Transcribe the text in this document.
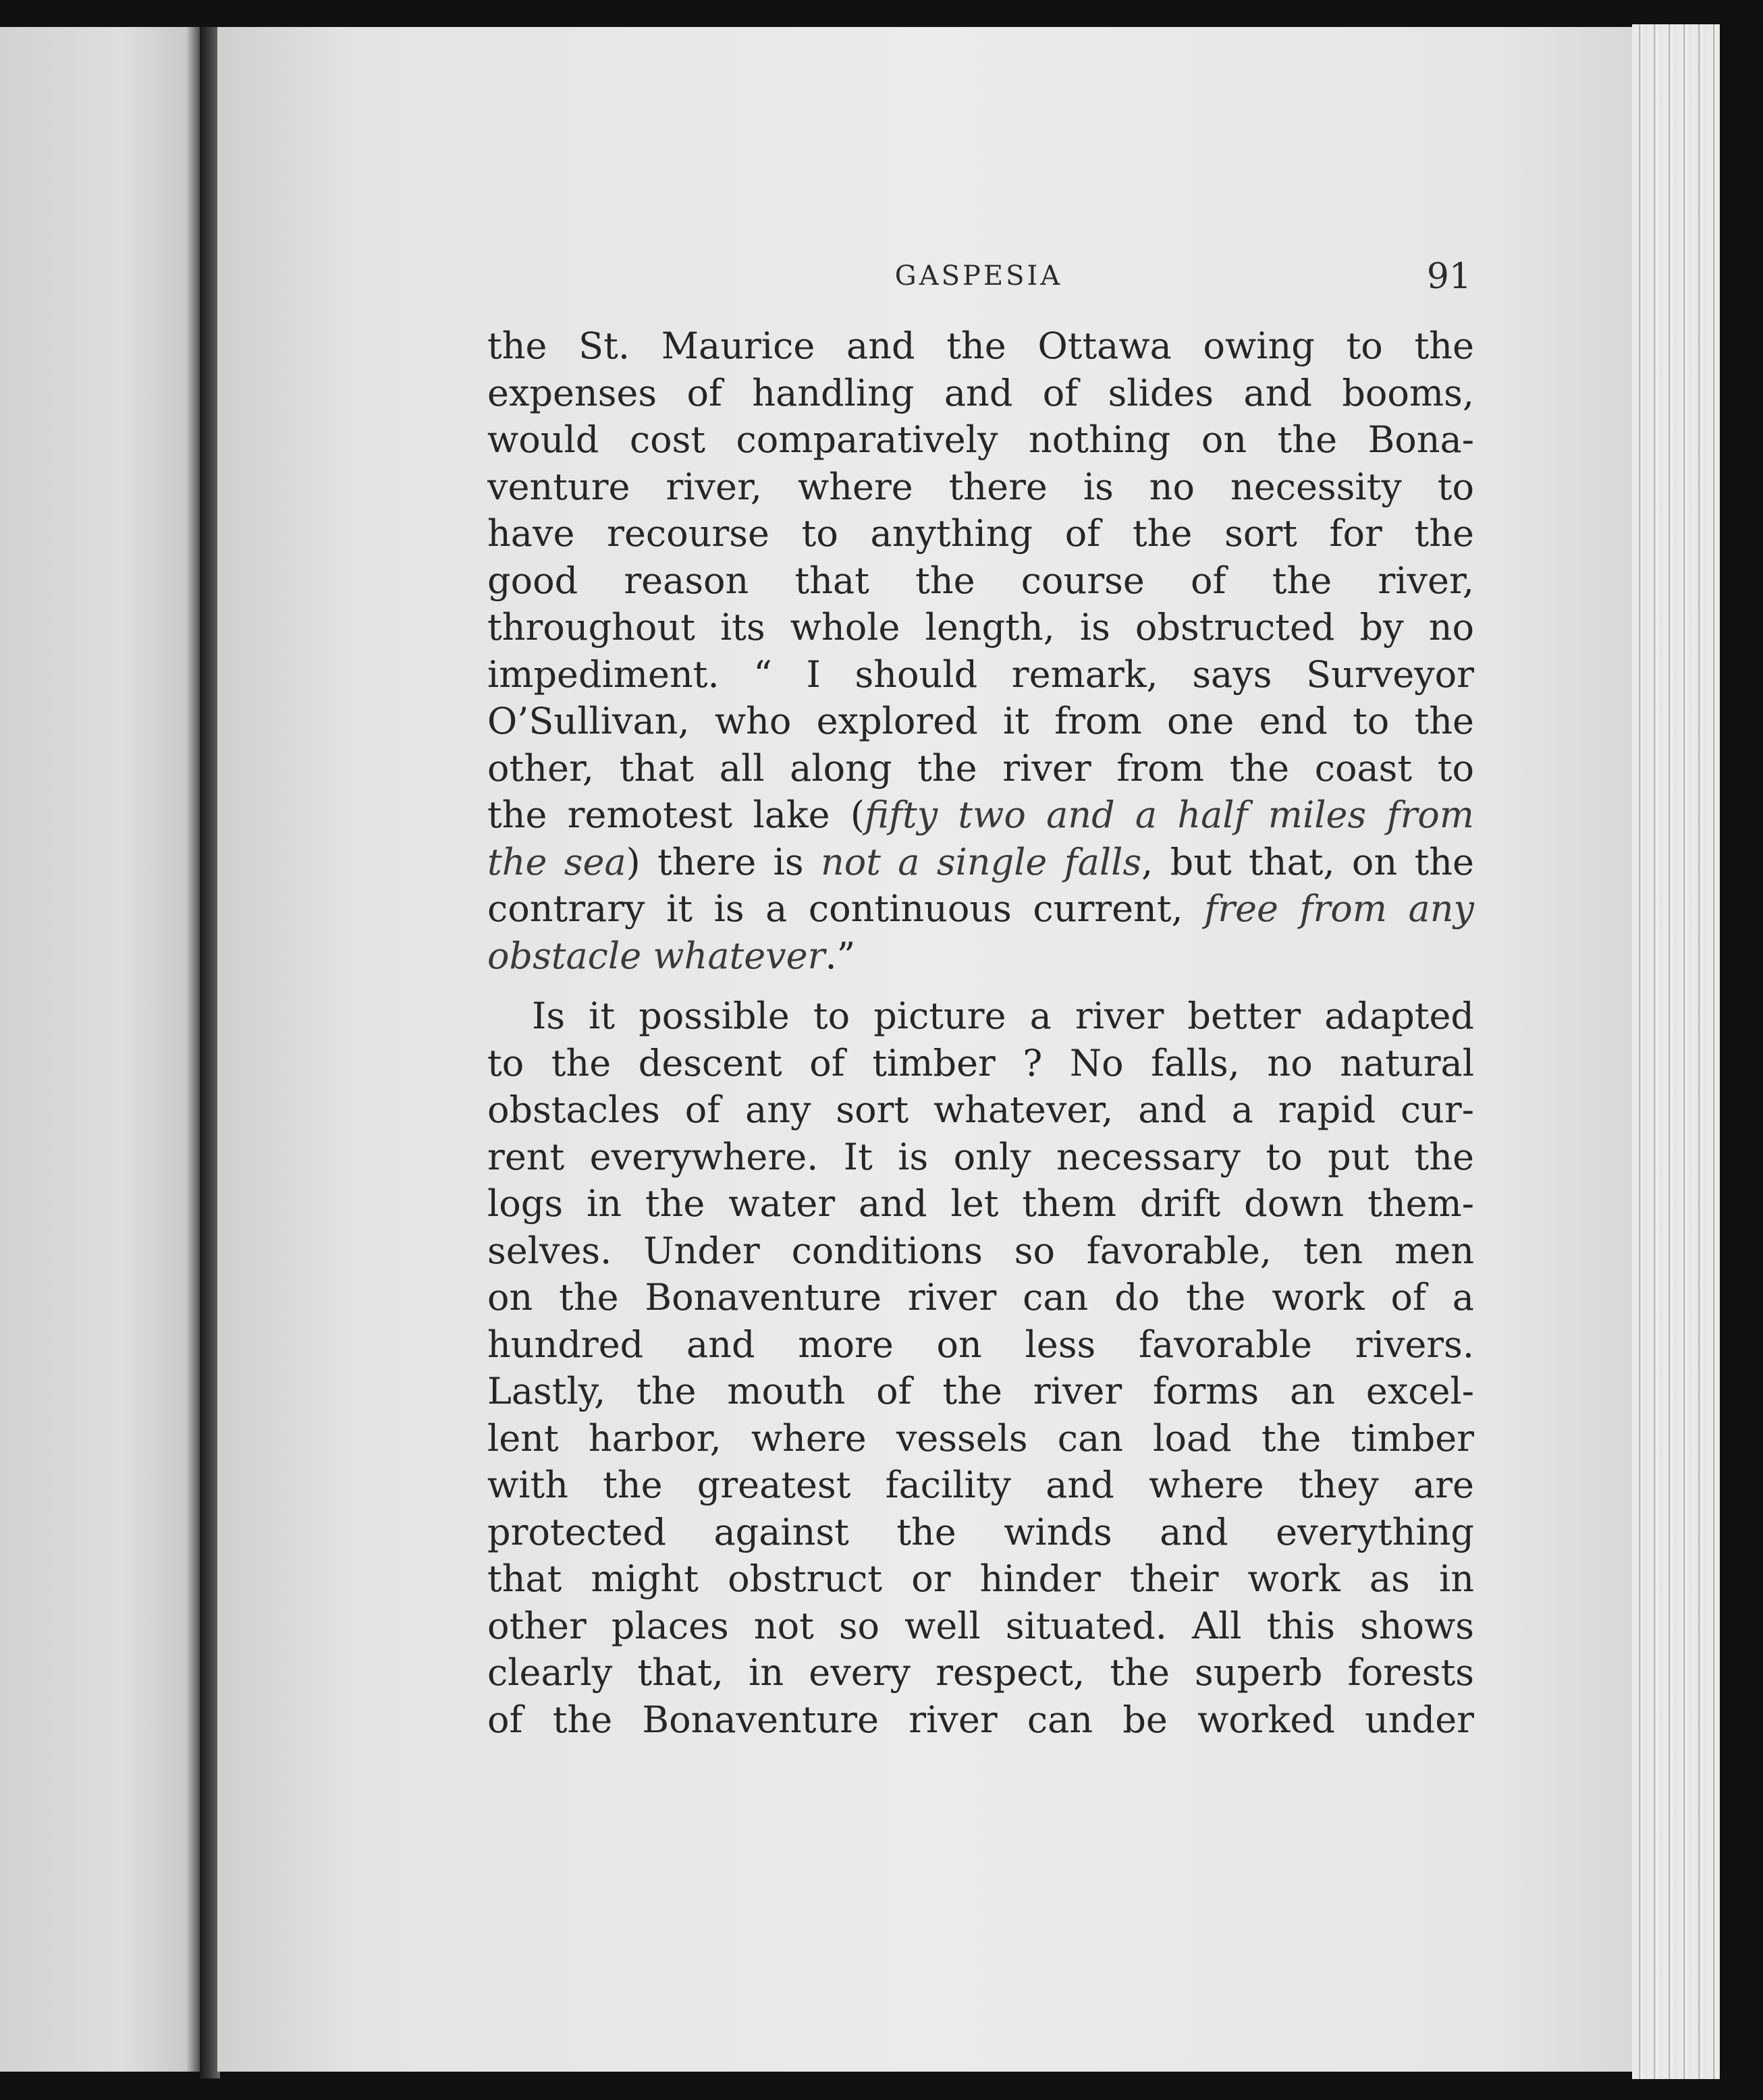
GASPESIA	91
the St. Maurice and the Ottawa owing to the
expenses of handling and of slides and booms,
would cost comparatively nothing on the Bona-
venture river, where there is no necessity to
have recourse to anything of the sort for the
good reason that the course of the river,
throughout its whole length, is obstructed by no
impediment. “ I should remark, says Surveyor
O’Sullivan, who explored it from one end to the
other, that all along the river from the coast to
the remotest lake (fifty two and a half miles from
the sea) there is not a single falls, but that, on the
contrary it is a continuous current, free from any
obstacle whatever.”
Is it possible to picture a river better adapted
to the descent of timber ? No falls, no natural
obstacles of any sort whatever, and a rapid cur-
rent everywhere. It is only necessary to put the
logs in the water and let them drift down them-
selves. Under conditions so favorable, ten men
on the Bonaventure river can do the work of a
hundred and more on less favorable rivers.
Lastly, the mouth of the river forms an excel-
lent harbor, where vessels can load the timber
with the greatest facility and where they are
protected against the winds and everything
that might obstruct or hinder their work as in
other places not so well situated. All this shows
clearly that, in every respect, the superb forests
of the Bonaventure river can be worked under
